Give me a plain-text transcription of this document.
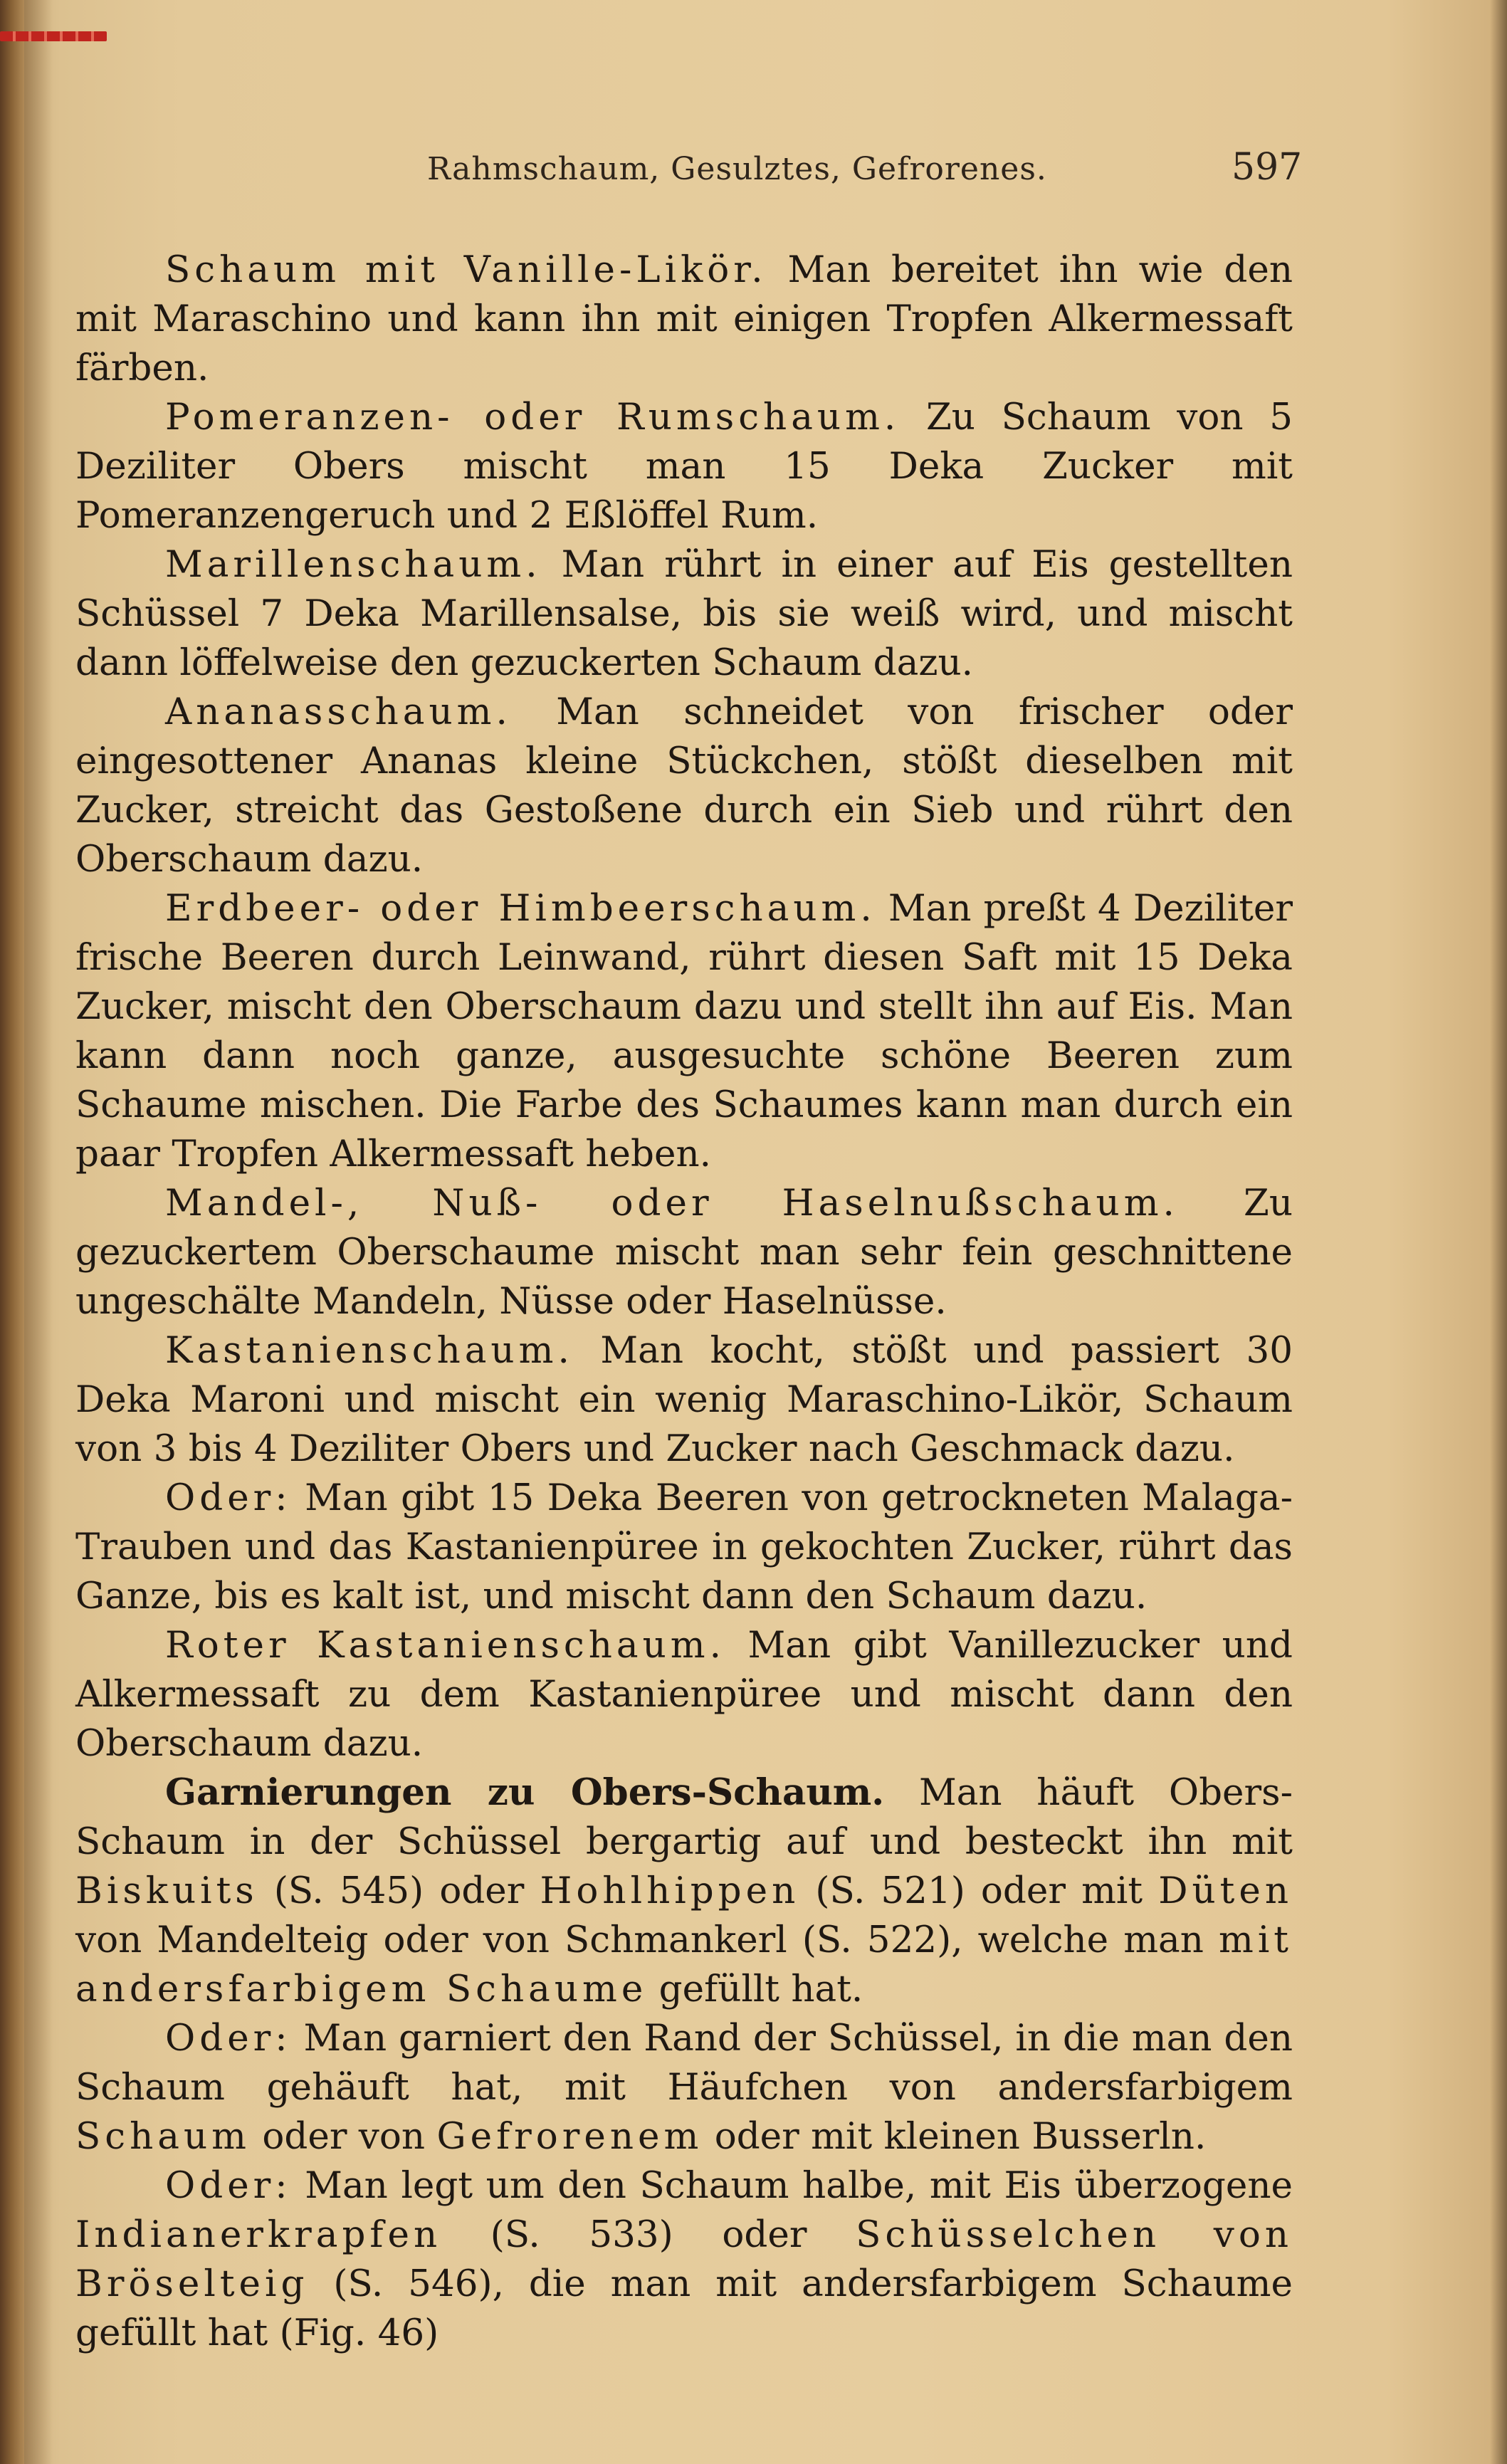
Rahmschaum, Gesulztes, Gefrorenes.	597

Schaum mit Vanille-Likör. Man bereitet ihn wie den mit Maraschino und kann ihn mit einigen Tropfen Alkermessaft färben.

Pomeranzen- oder Rumschaum. Zu Schaum von 5 Deziliter Obers mischt man 15 Deka Zucker mit Pomeranzengeruch und 2 Eßlöffel Rum.

Marillenschaum. Man rührt in einer auf Eis gestellten Schüssel 7 Deka Marillensalse, bis sie weiß wird, und mischt dann löffelweise den gezuckerten Schaum dazu.

Ananasschaum. Man schneidet von frischer oder eingesottener Ananas kleine Stückchen, stößt dieselben mit Zucker, streicht das Gestoßene durch ein Sieb und rührt den Oberschaum dazu.

Erdbeer- oder Himbeerschaum. Man preßt 4 Deziliter frische Beeren durch Leinwand, rührt diesen Saft mit 15 Deka Zucker, mischt den Oberschaum dazu und stellt ihn auf Eis. Man kann dann noch ganze, ausgesuchte schöne Beeren zum Schaume mischen. Die Farbe des Schaumes kann man durch ein paar Tropfen Alkermessaft heben.

Mandel-, Nuß- oder Haselnußschaum. Zu gezuckertem Oberschaume mischt man sehr fein geschnittene ungeschälte Mandeln, Nüsse oder Haselnüsse.

Kastanienschaum. Man kocht, stößt und passiert 30 Deka Maroni und mischt ein wenig Maraschino-Likör, Schaum von 3 bis 4 Deziliter Obers und Zucker nach Geschmack dazu.

Oder: Man gibt 15 Deka Beeren von getrockneten Malaga-Trauben und das Kastanienpüree in gekochten Zucker, rührt das Ganze, bis es kalt ist, und mischt dann den Schaum dazu.

Roter Kastanienschaum. Man gibt Vanillezucker und Alkermessaft zu dem Kastanienpüree und mischt dann den Oberschaum dazu.

Garnierungen zu Obers-Schaum. Man häuft Obers-Schaum in der Schüssel bergartig auf und besteckt ihn mit Biskuits (S. 545) oder Hohlhippen (S. 521) oder mit Düten von Mandelteig oder von Schmankerl (S. 522), welche man mit andersfarbigem Schaume gefüllt hat.

Oder: Man garniert den Rand der Schüssel, in die man den Schaum gehäuft hat, mit Häufchen von andersfarbigem Schaum oder von Gefrorenem oder mit kleinen Busserln.

Oder: Man legt um den Schaum halbe, mit Eis überzogene Indianerkrapfen (S. 533) oder Schüsselchen von Bröselteig (S. 546), die man mit andersfarbigem Schaume gefüllt hat (Fig. 46)
